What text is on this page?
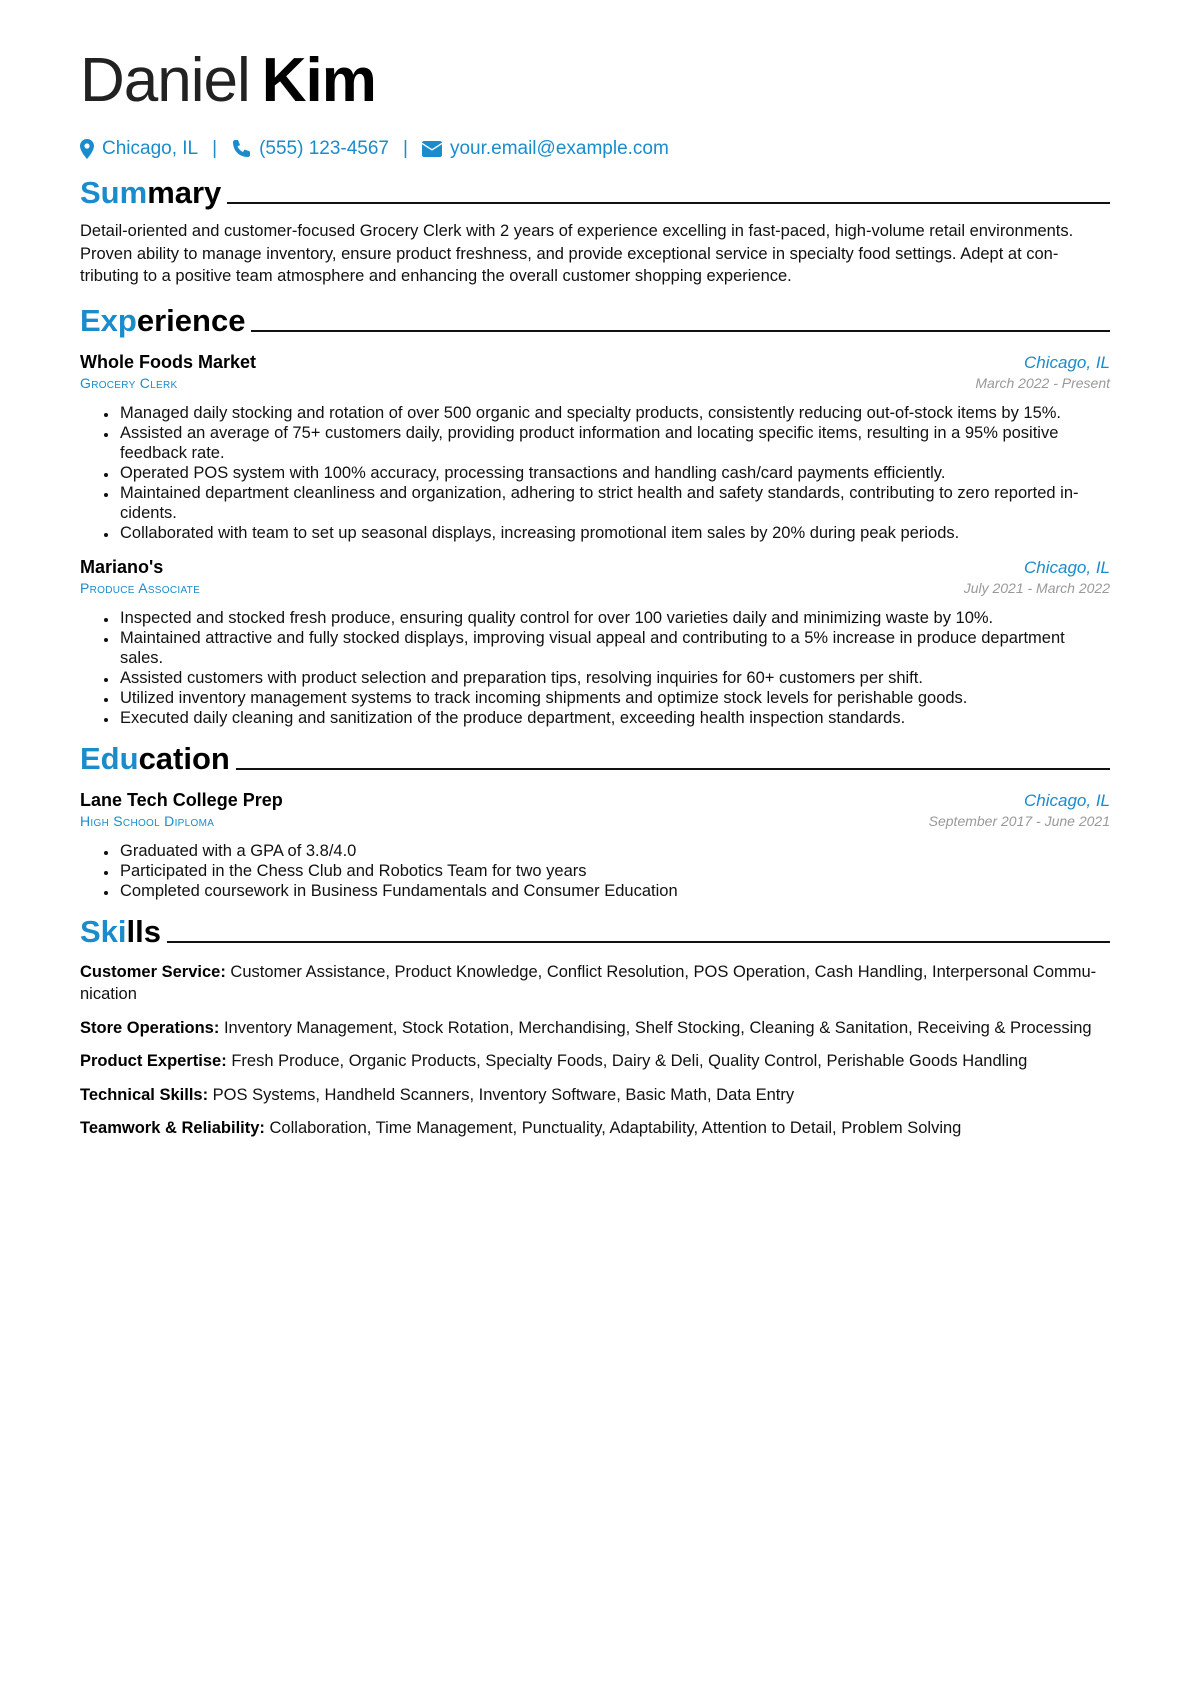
Daniel Kim
Chicago, IL | (555) 123-4567 | your.email@example.com
Summary

Detail-oriented and customer-focused Grocery Clerk with 2 years of experience excelling in fast-paced, high-volume retail environments. Proven ability to manage inventory, ensure product freshness, and provide exceptional service in specialty food settings. Adept at con-tributing to a positive team atmosphere and enhancing the overall customer shopping experience.

Experience
Whole Foods Market	Chicago, IL
Grocery Clerk	March 2022 - Present
• Managed daily stocking and rotation of over 500 organic and specialty products, consistently reducing out-of-stock items by 15%.
• Assisted an average of 75+ customers daily, providing product information and locating specific items, resulting in a 95% positive feedback rate.
• Operated POS system with 100% accuracy, processing transactions and handling cash/card payments efficiently.
• Maintained department cleanliness and organization, adhering to strict health and safety standards, contributing to zero reported in-cidents.
• Collaborated with team to set up seasonal displays, increasing promotional item sales by 20% during peak periods.
Mariano's	Chicago, IL
Produce Associate	July 2021 - March 2022
• Inspected and stocked fresh produce, ensuring quality control for over 100 varieties daily and minimizing waste by 10%.
• Maintained attractive and fully stocked displays, improving visual appeal and contributing to a 5% increase in produce department sales.
• Assisted customers with product selection and preparation tips, resolving inquiries for 60+ customers per shift.
• Utilized inventory management systems to track incoming shipments and optimize stock levels for perishable goods.
• Executed daily cleaning and sanitization of the produce department, exceeding health inspection standards.
Education
Lane Tech College Prep	Chicago, IL
High School Diploma	September 2017 - June 2021
• Graduated with a GPA of 3.8/4.0
• Participated in the Chess Club and Robotics Team for two years
• Completed coursework in Business Fundamentals and Consumer Education
Skills
Customer Service: Customer Assistance, Product Knowledge, Conflict Resolution, POS Operation, Cash Handling, Interpersonal Commu-nication
Store Operations: Inventory Management, Stock Rotation, Merchandising, Shelf Stocking, Cleaning & Sanitation, Receiving & Processing
Product Expertise: Fresh Produce, Organic Products, Specialty Foods, Dairy & Deli, Quality Control, Perishable Goods Handling
Technical Skills: POS Systems, Handheld Scanners, Inventory Software, Basic Math, Data Entry
Teamwork & Reliability: Collaboration, Time Management, Punctuality, Adaptability, Attention to Detail, Problem Solving
